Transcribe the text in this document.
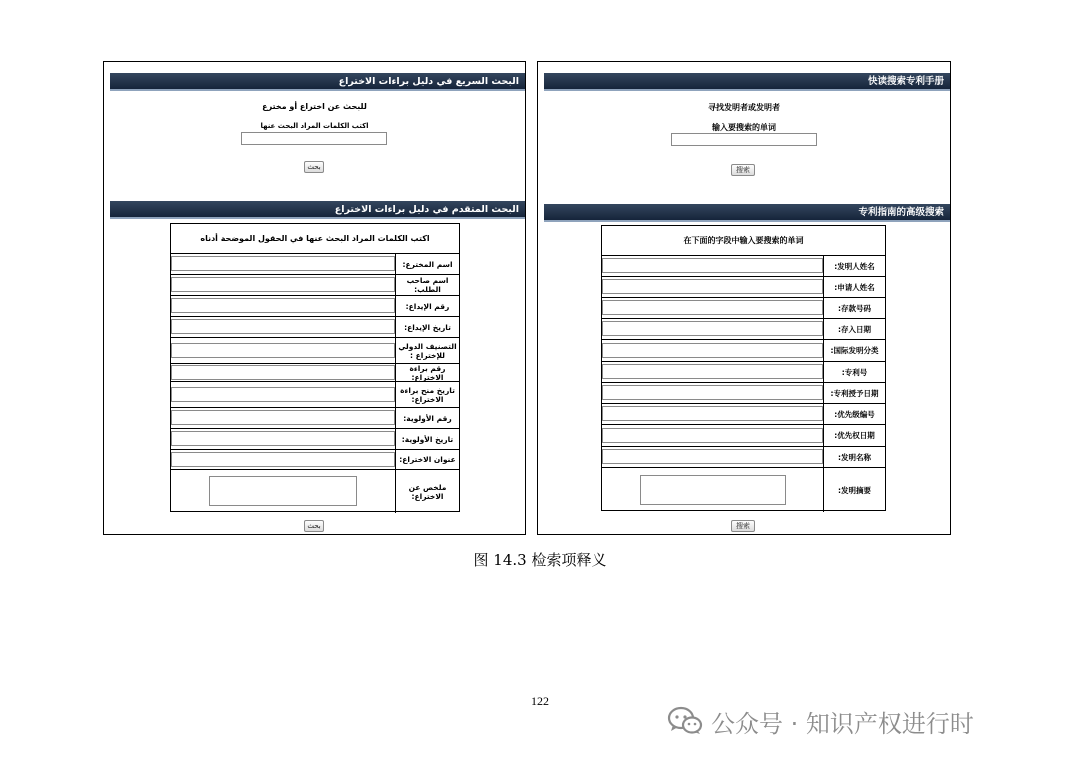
البحث السريع في دليل براءات الاختراع
للبحث عن اختراع أو مخترع
اكتب الكلمات المراد البحث عنها
بحث
البحث المتقدم في دليل براءات الاختراع
اكتب الكلمات المراد البحث عنها في الحقول الموضحة أدناه
اسم المخترع:
اسم صاحب الطلب:
رقم الإيداع:
تاريخ الإيداع:
التصنيف الدولي للإختراع :
رقم براءة الاختراع:
تاريخ منح براءة الاختراع:
رقم الأولوية:
تاريخ الأولوية:
عنوان الاختراع:
ملخص عن الاختراع:
بحث
快读搜索专利手册
寻找发明者或发明者
输入要搜索的单词
搜索
专利指南的高级搜索
在下面的字段中输入要搜索的单词
:发明人姓名
:申请人姓名
:存款号码
:存入日期
:国际发明分类
:专利号
:专利授予日期
:优先级编号
:优先权日期
:发明名称
:发明摘要
搜索
图 14.3 检索项释义
122
公众号 · 知识产权进行时
